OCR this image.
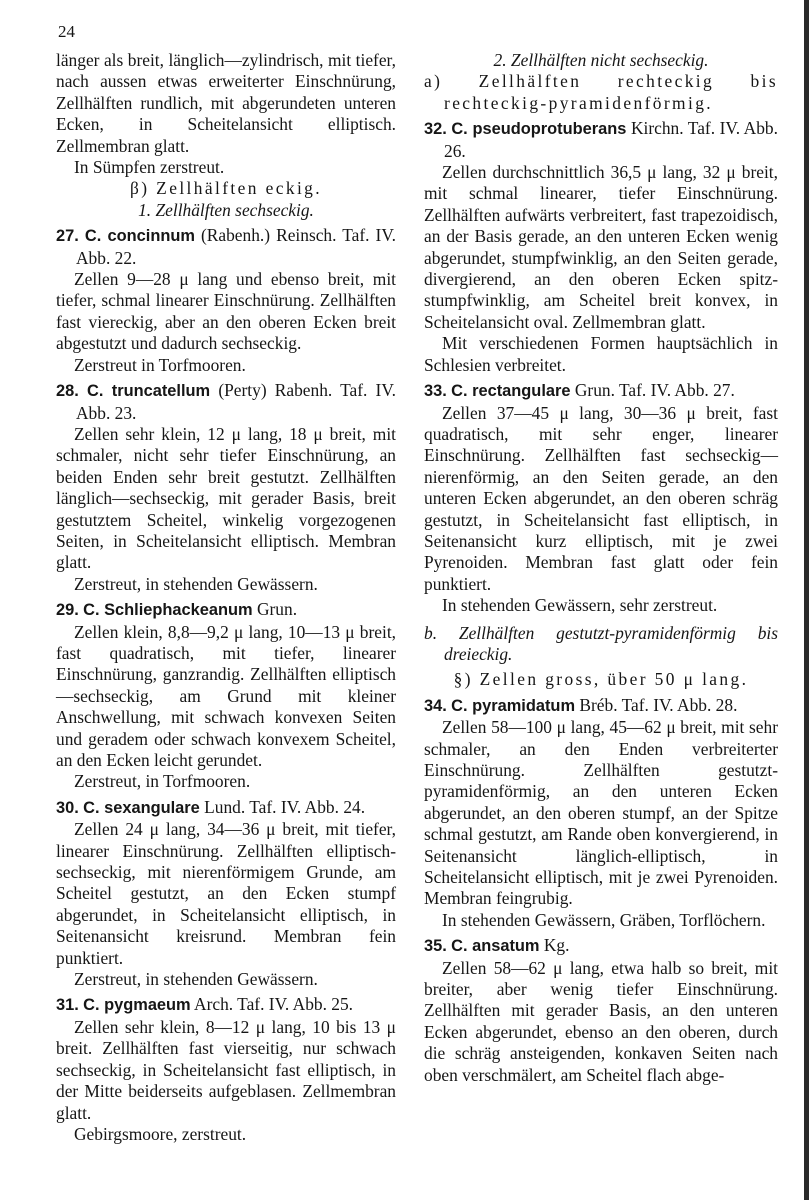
24

länger als breit, länglich—zylindrisch, mit tiefer, nach aussen etwas erweiterter Einschnürung, Zellhälften rundlich, mit abgerundeten unteren Ecken, in Scheitelansicht elliptisch. Zellmembran glatt.

In Sümpfen zerstreut.

β) Zellhälften eckig.

1. Zellhälften sechseckig.

27. C. concinnum (Rabenh.) Reinsch. Taf. IV. Abb. 22.

Zellen 9—28 μ lang und ebenso breit, mit tiefer, schmal linearer Einschnürung. Zellhälften fast viereckig, aber an den oberen Ecken breit abgestutzt und dadurch sechseckig.

Zerstreut in Torfmooren.

28. C. truncatellum (Perty) Rabenh. Taf. IV. Abb. 23.

Zellen sehr klein, 12 μ lang, 18 μ breit, mit schmaler, nicht sehr tiefer Einschnürung, an beiden Enden sehr breit gestutzt. Zellhälften länglich—sechseckig, mit gerader Basis, breit gestutztem Scheitel, winkelig vorgezogenen Seiten, in Scheitelansicht elliptisch. Membran glatt.

Zerstreut, in stehenden Gewässern.

29. C. Schliephackeanum Grun.

Zellen klein, 8,8—9,2 μ lang, 10—13 μ breit, fast quadratisch, mit tiefer, linearer Einschnürung, ganzrandig. Zellhälften elliptisch—sechseckig, am Grund mit kleiner Anschwellung, mit schwach konvexen Seiten und geradem oder schwach konvexem Scheitel, an den Ecken leicht gerundet.

Zerstreut, in Torfmooren.

30. C. sexangulare Lund. Taf. IV. Abb. 24.

Zellen 24 μ lang, 34—36 μ breit, mit tiefer, linearer Einschnürung. Zellhälften elliptisch-sechseckig, mit nierenförmigem Grunde, am Scheitel gestutzt, an den Ecken stumpf abgerundet, in Scheitelansicht elliptisch, in Seitenansicht kreisrund. Membran fein punktiert.

Zerstreut, in stehenden Gewässern.

31. C. pygmaeum Arch. Taf. IV. Abb. 25.

Zellen sehr klein, 8—12 μ lang, 10 bis 13 μ breit. Zellhälften fast vierseitig, nur schwach sechseckig, in Scheitelansicht fast elliptisch, in der Mitte beiderseits aufgeblasen. Zellmembran glatt.

Gebirgsmoore, zerstreut.

2. Zellhälften nicht sechseckig.

a) Zellhälften rechteckig bis rechteckig-pyramidenförmig.

32. C. pseudoprotuberans Kirchn. Taf. IV. Abb. 26.

Zellen durchschnittlich 36,5 μ lang, 32 μ breit, mit schmal linearer, tiefer Einschnürung. Zellhälften aufwärts verbreitert, fast trapezoidisch, an der Basis gerade, an den unteren Ecken wenig abgerundet, stumpfwinklig, an den Seiten gerade, divergierend, an den oberen Ecken spitz-stumpfwinklig, am Scheitel breit konvex, in Scheitelansicht oval. Zellmembran glatt.

Mit verschiedenen Formen hauptsächlich in Schlesien verbreitet.

33. C. rectangulare Grun. Taf. IV. Abb. 27.

Zellen 37—45 μ lang, 30—36 μ breit, fast quadratisch, mit sehr enger, linearer Einschnürung. Zellhälften fast sechseckig—nierenförmig, an den Seiten gerade, an den unteren Ecken abgerundet, an den oberen schräg gestutzt, in Scheitelansicht fast elliptisch, in Seitenansicht kurz elliptisch, mit je zwei Pyrenoiden. Membran fast glatt oder fein punktiert.

In stehenden Gewässern, sehr zerstreut.

b. Zellhälften gestutzt-pyramidenförmig bis dreieckig.

§) Zellen gross, über 50 μ lang.

34. C. pyramidatum Bréb. Taf. IV. Abb. 28.

Zellen 58—100 μ lang, 45—62 μ breit, mit sehr schmaler, an den Enden verbreiterter Einschnürung. Zellhälften gestutzt-pyramidenförmig, an den unteren Ecken abgerundet, an den oberen stumpf, an der Spitze schmal gestutzt, am Rande oben konvergierend, in Seitenansicht länglich-elliptisch, in Scheitelansicht elliptisch, mit je zwei Pyrenoiden. Membran feingrubig.

In stehenden Gewässern, Gräben, Torflöchern.

35. C. ansatum Kg.

Zellen 58—62 μ lang, etwa halb so breit, mit breiter, aber wenig tiefer Einschnürung. Zellhälften mit gerader Basis, an den unteren Ecken abgerundet, ebenso an den oberen, durch die schräg ansteigenden, konkaven Seiten nach oben verschmälert, am Scheitel flach abge-
